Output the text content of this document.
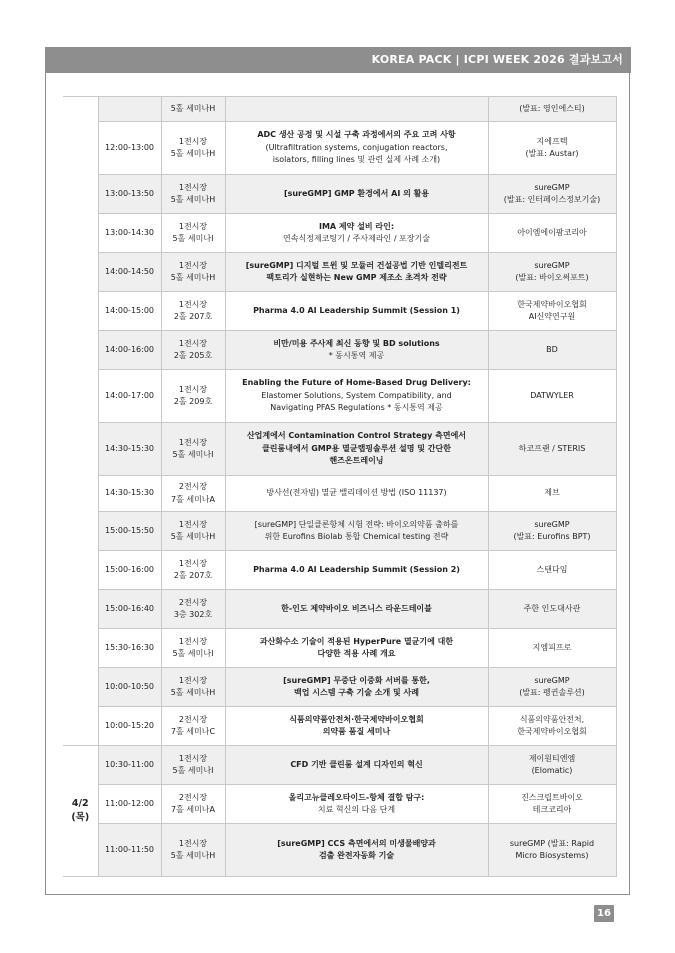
KOREA PACK | ICPI WEEK 2026 결과보고서

		5홀 세미나H		(발표: 영인에스티)

	12:00-13:00	1전시장
5홀 세미나H	ADC 생산 공정 및 시설 구축 과정에서의 주요 고려 사항
(Ultrafiltration systems, conjugation reactors,
isolators, filling lines 및 관련 실제 사례 소개)	지에프텍
(발표: Austar)

	13:00-13:50	1전시장
5홀 세미나H	[sureGMP] GMP 환경에서 AI 의 활용	sureGMP
(발표: 인터페이스정보기술)

	13:00-14:30	1전시장
5홀 세미나I	IMA 제약 설비 라인:
연속식정제코팅기 / 주사제라인 / 포장기술	아이엠에이팜코리아

	14:00-14:50	1전시장
5홀 세미나H	[sureGMP] 디지털 트윈 및 모듈러 건설공법 기반 인텔리전트
팩토리가 실현하는 New GMP 제조소 초격차 전략	sureGMP
(발표: 바이오써포트)

	14:00-15:00	1전시장
2홀 207호	Pharma 4.0 AI Leadership Summit (Session 1)	한국제약바이오협회
AI신약연구원

	14:00-16:00	1전시장
2홀 205호	비만/미용 주사제 최신 동향 및 BD solutions
* 동시통역 제공	BD

	14:00-17:00	1전시장
2홀 209호	Enabling the Future of Home-Based Drug Delivery:
Elastomer Solutions, System Compatibility, and
Navigating PFAS Regulations * 동시통역 제공	DATWYLER

	14:30-15:30	1전시장
5홀 세미나I	산업계에서 Contamination Control Strategy 측면에서
클린룸내에서 GMP용 멸균랩핑솔루션 설명 및 간단한
핸즈온트레이닝	하코프랜 / STERIS

	14:30-15:30	2전시장
7홀 세미나A	방사선(전자빔) 멸균 밸리데이션 방법 (ISO 11137)	제브

	15:00-15:50	1전시장
5홀 세미나H	[sureGMP] 단일클론항체 시험 전략: 바이오의약품 출하를
위한 Eurofins Biolab 통합 Chemical testing 전략	sureGMP
(발표: Eurofins BPT)

	15:00-16:00	1전시장
2홀 207호	Pharma 4.0 AI Leadership Summit (Session 2)	스탠다임

	15:00-16:40	2전시장
3층 302호	한-인도 제약바이오 비즈니스 라운드테이블	주한 인도대사관

	15:30-16:30	1전시장
5홀 세미나I	과산화수소 기술이 적용된 HyperPure 멸균기에 대한
다양한 적용 사례 개요	지엠피프로

	10:00-10:50	1전시장
5홀 세미나H	[sureGMP] 무중단 이중화 서버를 통한,
백업 시스템 구축 기술 소개 및 사례	sureGMP
(발표: 펭귄솔루션)

	10:00-15:20	2전시장
7홀 세미나C	식품의약품안전처·한국제약바이오협회
의약품 품질 세미나	식품의약품안전처,
한국제약바이오협회

4/2
(목)	10:30-11:00	1전시장
5홀 세미나I	CFD 기반 클린룸 설계 디자인의 혁신	제이원티엔엠
(Elomatic)

	11:00-12:00	2전시장
7홀 세미나A	올리고뉴클레오타이드-항체 결합 탐구:
치료 혁신의 다음 단계	진스크립트바이오
테크코리아

	11:00-11:50	1전시장
5홀 세미나H	[sureGMP] CCS 측면에서의 미생물배양과
검출 완전자동화 기술	sureGMP (발표: Rapid
Micro Biosystems)
16
